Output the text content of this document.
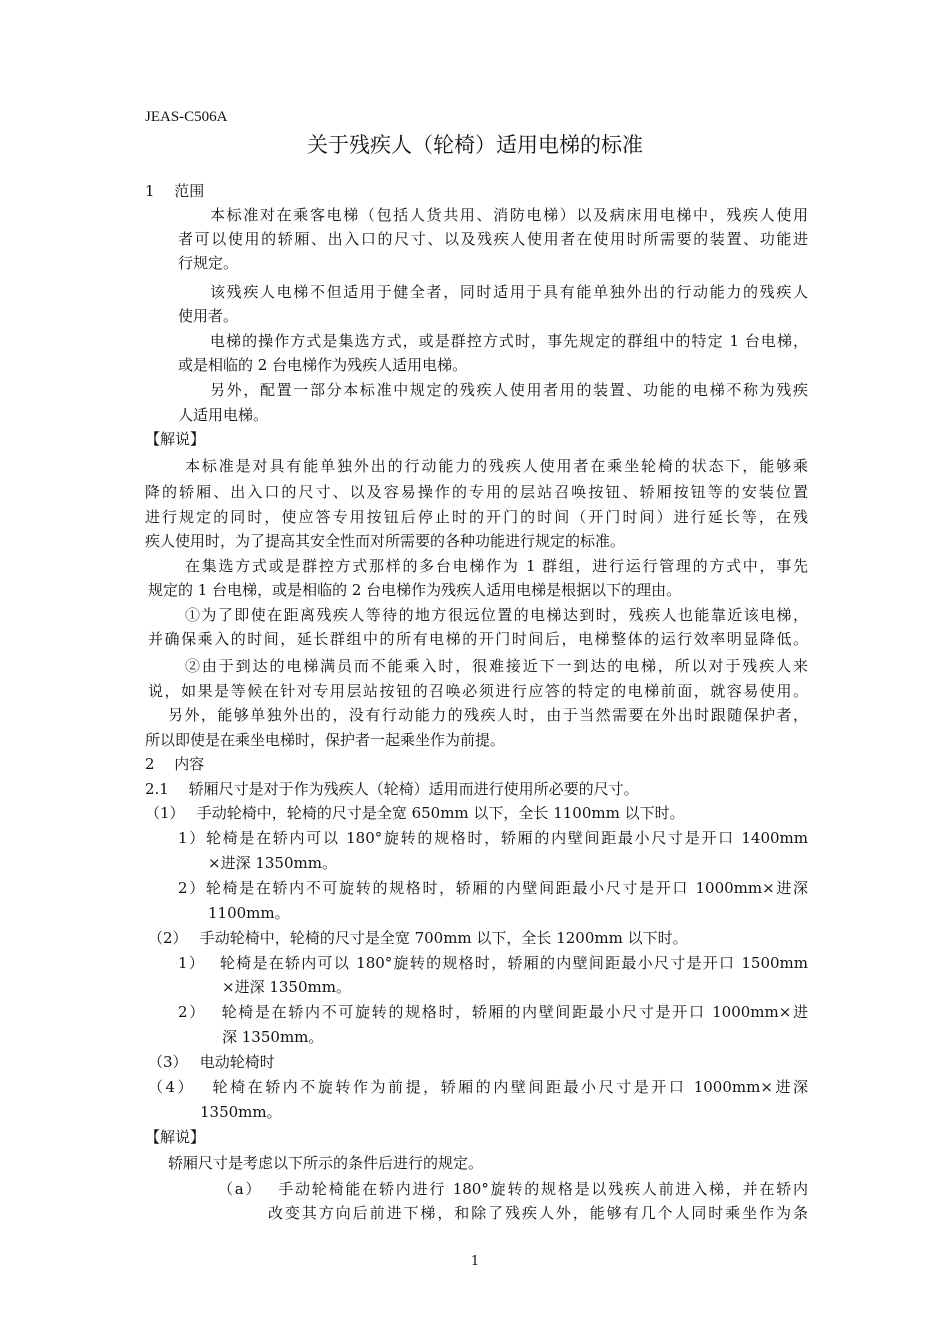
JEAS-C506A
关于残疾人（轮椅）适用电梯的标准
1　 范围
本标准对在乘客电梯（包括人货共用、消防电梯）以及病床用电梯中，残疾人使用
者可以使用的轿厢、出入口的尺寸、以及残疾人使用者在使用时所需要的装置、功能进
行规定。
该残疾人电梯不但适用于健全者，同时适用于具有能单独外出的行动能力的残疾人
使用者。
电梯的操作方式是集选方式，或是群控方式时，事先规定的群组中的特定 1 台电梯，
或是相临的 2 台电梯作为残疾人适用电梯。
另外，配置一部分本标准中规定的残疾人使用者用的装置、功能的电梯不称为残疾
人适用电梯。
【解说】
本标准是对具有能单独外出的行动能力的残疾人使用者在乘坐轮椅的状态下，能够乘
降的轿厢、出入口的尺寸、以及容易操作的专用的层站召唤按钮、轿厢按钮等的安装位置
进行规定的同时，使应答专用按钮后停止时的开门的时间（开门时间）进行延长等，在残
疾人使用时，为了提高其安全性而对所需要的各种功能进行规定的标准。
在集选方式或是群控方式那样的多台电梯作为 1 群组，进行运行管理的方式中，事先
规定的 1 台电梯，或是相临的 2 台电梯作为残疾人适用电梯是根据以下的理由。
①为了即使在距离残疾人等待的地方很远位置的电梯达到时，残疾人也能靠近该电梯，
并确保乘入的时间，延长群组中的所有电梯的开门时间后，电梯整体的运行效率明显降低。
②由于到达的电梯满员而不能乘入时，很难接近下一到达的电梯，所以对于残疾人来
说，如果是等候在针对专用层站按钮的召唤必须进行应答的特定的电梯前面，就容易使用。
另外，能够单独外出的，没有行动能力的残疾人时，由于当然需要在外出时跟随保护者，
所以即使是在乘坐电梯时，保护者一起乘坐作为前提。
2　 内容
2.1　 轿厢尺寸是对于作为残疾人（轮椅）适用而进行使用所必要的尺寸。
（1）　 手动轮椅中，轮椅的尺寸是全宽 650mm 以下，全长 1100mm 以下时。
1）轮椅是在轿内可以 180°旋转的规格时，轿厢的内壁间距最小尺寸是开口 1400mm
×进深 1350mm。
2）轮椅是在轿内不可旋转的规格时，轿厢的内壁间距最小尺寸是开口 1000mm×进深
1100mm。
（2）　 手动轮椅中，轮椅的尺寸是全宽 700mm 以下，全长 1200mm 以下时。
1）　 轮椅是在轿内可以 180°旋转的规格时，轿厢的内壁间距最小尺寸是开口 1500mm
×进深 1350mm。
2）　 轮椅是在轿内不可旋转的规格时，轿厢的内壁间距最小尺寸是开口 1000mm×进
深 1350mm。
（3）　 电动轮椅时
（4）　 轮椅在轿内不旋转作为前提，轿厢的内壁间距最小尺寸是开口 1000mm×进深
1350mm。
【解说】
轿厢尺寸是考虑以下所示的条件后进行的规定。
（a）　 手动轮椅能在轿内进行 180°旋转的规格是以残疾人前进入梯，并在轿内
改变其方向后前进下梯，和除了残疾人外，能够有几个人同时乘坐作为条
1
